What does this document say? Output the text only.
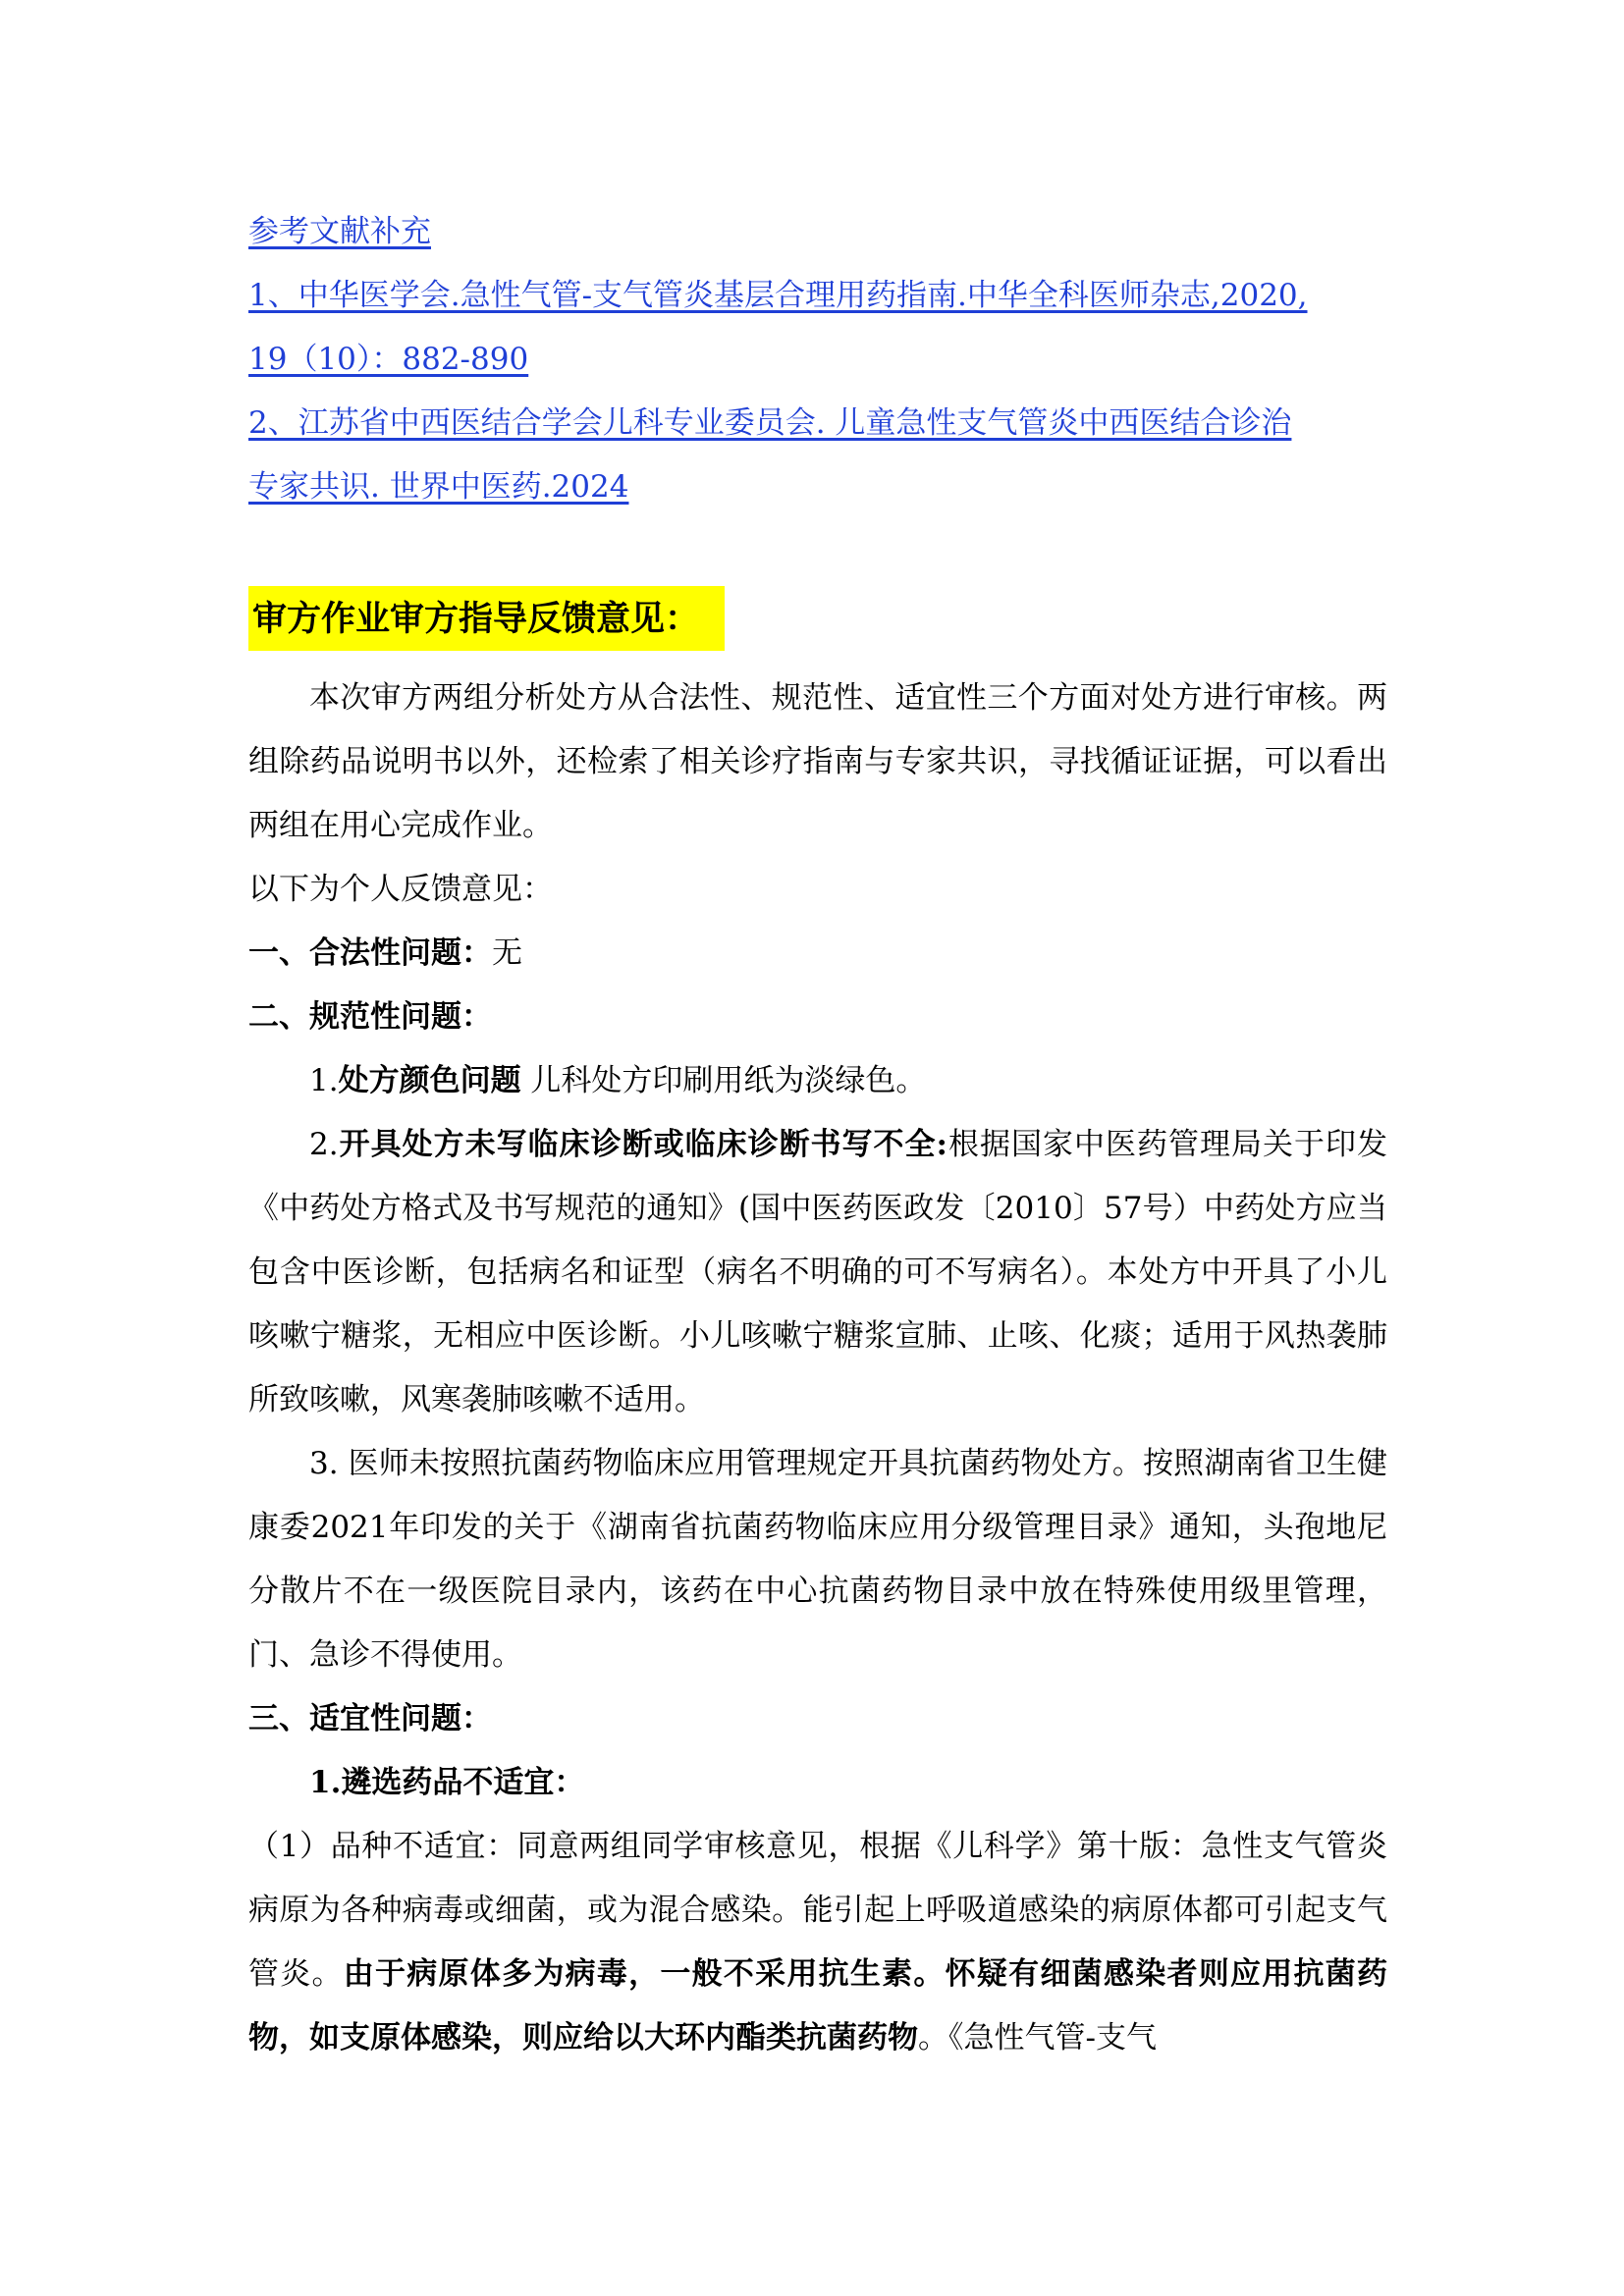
参考文献补充

1、中华医学会.急性气管-支气管炎基层合理用药指南.中华全科医师杂志,2020,

19（10）：882-890

2、江苏省中西医结合学会儿科专业委员会. 儿童急性支气管炎中西医结合诊治

专家共识. 世界中医药.2024

审方作业审方指导反馈意见：

本次审方两组分析处方从合法性、规范性、适宜性三个方面对处方进行审核。两组除药品说明书以外，还检索了相关诊疗指南与专家共识，寻找循证证据，可以看出两组在用心完成作业。

以下为个人反馈意见：

一、合法性问题：无

二、规范性问题：

1.处方颜色问题 儿科处方印刷用纸为淡绿色。

2.开具处方未写临床诊断或临床诊断书写不全:根据国家中医药管理局关于印发《中药处方格式及书写规范的通知》(国中医药医政发〔2010〕57号）中药处方应当包含中医诊断，包括病名和证型（病名不明确的可不写病名）。本处方中开具了小儿咳嗽宁糖浆，无相应中医诊断。小儿咳嗽宁糖浆宣肺、止咳、化痰；适用于风热袭肺所致咳嗽，风寒袭肺咳嗽不适用。

3. 医师未按照抗菌药物临床应用管理规定开具抗菌药物处方。按照湖南省卫生健康委2021年印发的关于《湖南省抗菌药物临床应用分级管理目录》通知，头孢地尼分散片不在一级医院目录内，该药在中心抗菌药物目录中放在特殊使用级里管理，门、急诊不得使用。

三、适宜性问题：

1.遴选药品不适宜：

（1）品种不适宜：同意两组同学审核意见，根据《儿科学》第十版：急性支气管炎病原为各种病毒或细菌，或为混合感染。能引起上呼吸道感染的病原体都可引起支气管炎。由于病原体多为病毒，一般不采用抗生素。怀疑有细菌感染者则应用抗菌药物，如支原体感染，则应给以大环内酯类抗菌药物。《急性气管-支气
